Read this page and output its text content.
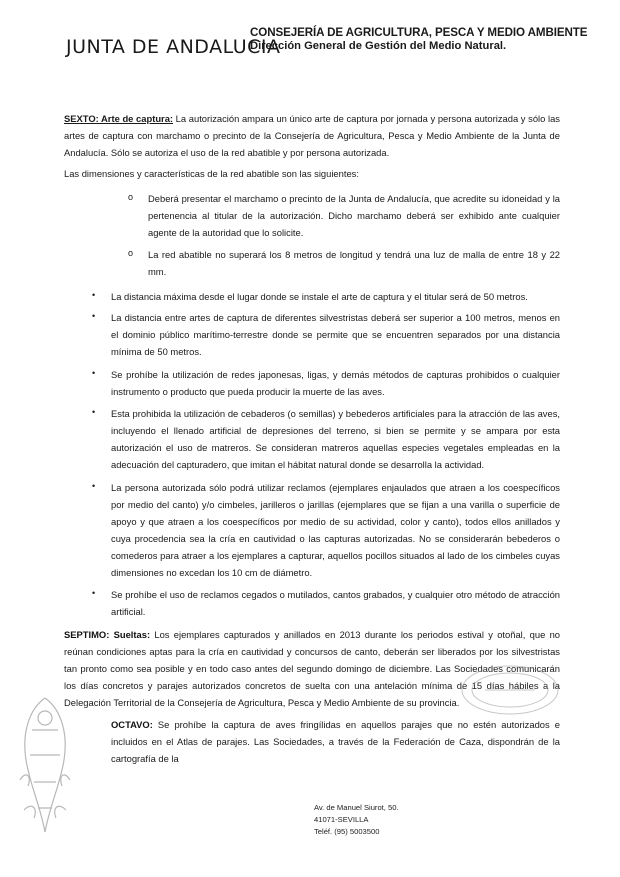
JUNTA DE ANDALUCIA
CONSEJERÍA DE AGRICULTURA, PESCA Y MEDIO AMBIENTE
Dirección General de Gestión del Medio Natural.
SEXTO: Arte de captura: La autorización ampara un único arte de captura por jornada y persona autorizada y sólo las artes de captura con marchamo o precinto de la Consejería de Agricultura, Pesca y Medio Ambiente de la Junta de Andalucía. Sólo se autoriza el uso de la red abatible y por persona autorizada.
Las dimensiones y características de la red abatible son las siguientes:
o Deberá presentar el marchamo o precinto de la Junta de Andalucía, que acredite su idoneidad y la pertenencia al titular de la autorización. Dicho marchamo deberá ser exhibido ante cualquier agente de la autoridad que lo solicite.
o La red abatible no superará los 8 metros de longitud y tendrá una luz de malla de entre 18 y 22 mm.
• La distancia máxima desde el lugar donde se instale el arte de captura y el titular será de 50 metros.
• La distancia entre artes de captura de diferentes silvestristas deberá ser superior a 100 metros, menos en el dominio público marítimo-terrestre donde se permite que se encuentren separados por una distancia mínima de 50 metros.
• Se prohíbe la utilización de redes japonesas, ligas, y demás métodos de capturas prohibidos o cualquier instrumento o producto que pueda producir la muerte de las aves.
• Esta prohibida la utilización de cebaderos (o semillas) y bebederos artificiales para la atracción de las aves, incluyendo el llenado artificial de depresiones del terreno, si bien se permite y se ampara por esta autorización el uso de matreros. Se consideran matreros aquellas especies vegetales empleadas en la adecuación del capturadero, que imitan el hábitat natural donde se desarrolla la actividad.
• La persona autorizada sólo podrá utilizar reclamos (ejemplares enjaulados que atraen a los coespecíficos por medio del canto) y/o cimbeles, jarilleros o jarillas (ejemplares que se fijan a una varilla o superficie de apoyo y que atraen a los coespecíficos por medio de su actividad, color y canto), todos ellos anillados y cuya procedencia sea la cría en cautividad o las capturas autorizadas. No se considerarán bebederos o comederos para atraer a los ejemplares a capturar, aquellos pocillos situados al lado de los cimbeles cuyas dimensiones no excedan los 10 cm de diámetro.
• Se prohíbe el uso de reclamos cegados o mutilados, cantos grabados, y cualquier otro método de atracción artificial.
SEPTIMO: Sueltas: Los ejemplares capturados y anillados en 2013 durante los periodos estival y otoñal, que no reúnan condiciones aptas para la cría en cautividad y concursos de canto, deberán ser liberados por los silvestristas tan pronto como sea posible y en todo caso antes del segundo domingo de diciembre. Las Sociedades comunicarán los días concretos y parajes autorizados concretos de suelta con una antelación mínima de 15 días hábiles a la Delegación Territorial de la Consejería de Agricultura, Pesca y Medio Ambiente de su provincia.
OCTAVO: Se prohíbe la captura de aves fringílidas en aquellos parajes que no estén autorizados e incluidos en el Atlas de parajes. Las Sociedades, a través de la Federación de Caza, dispondrán de la cartografía de la
Av. de Manuel Siurot, 50.
41071-SEVILLA
Teléf. (95) 5003500
